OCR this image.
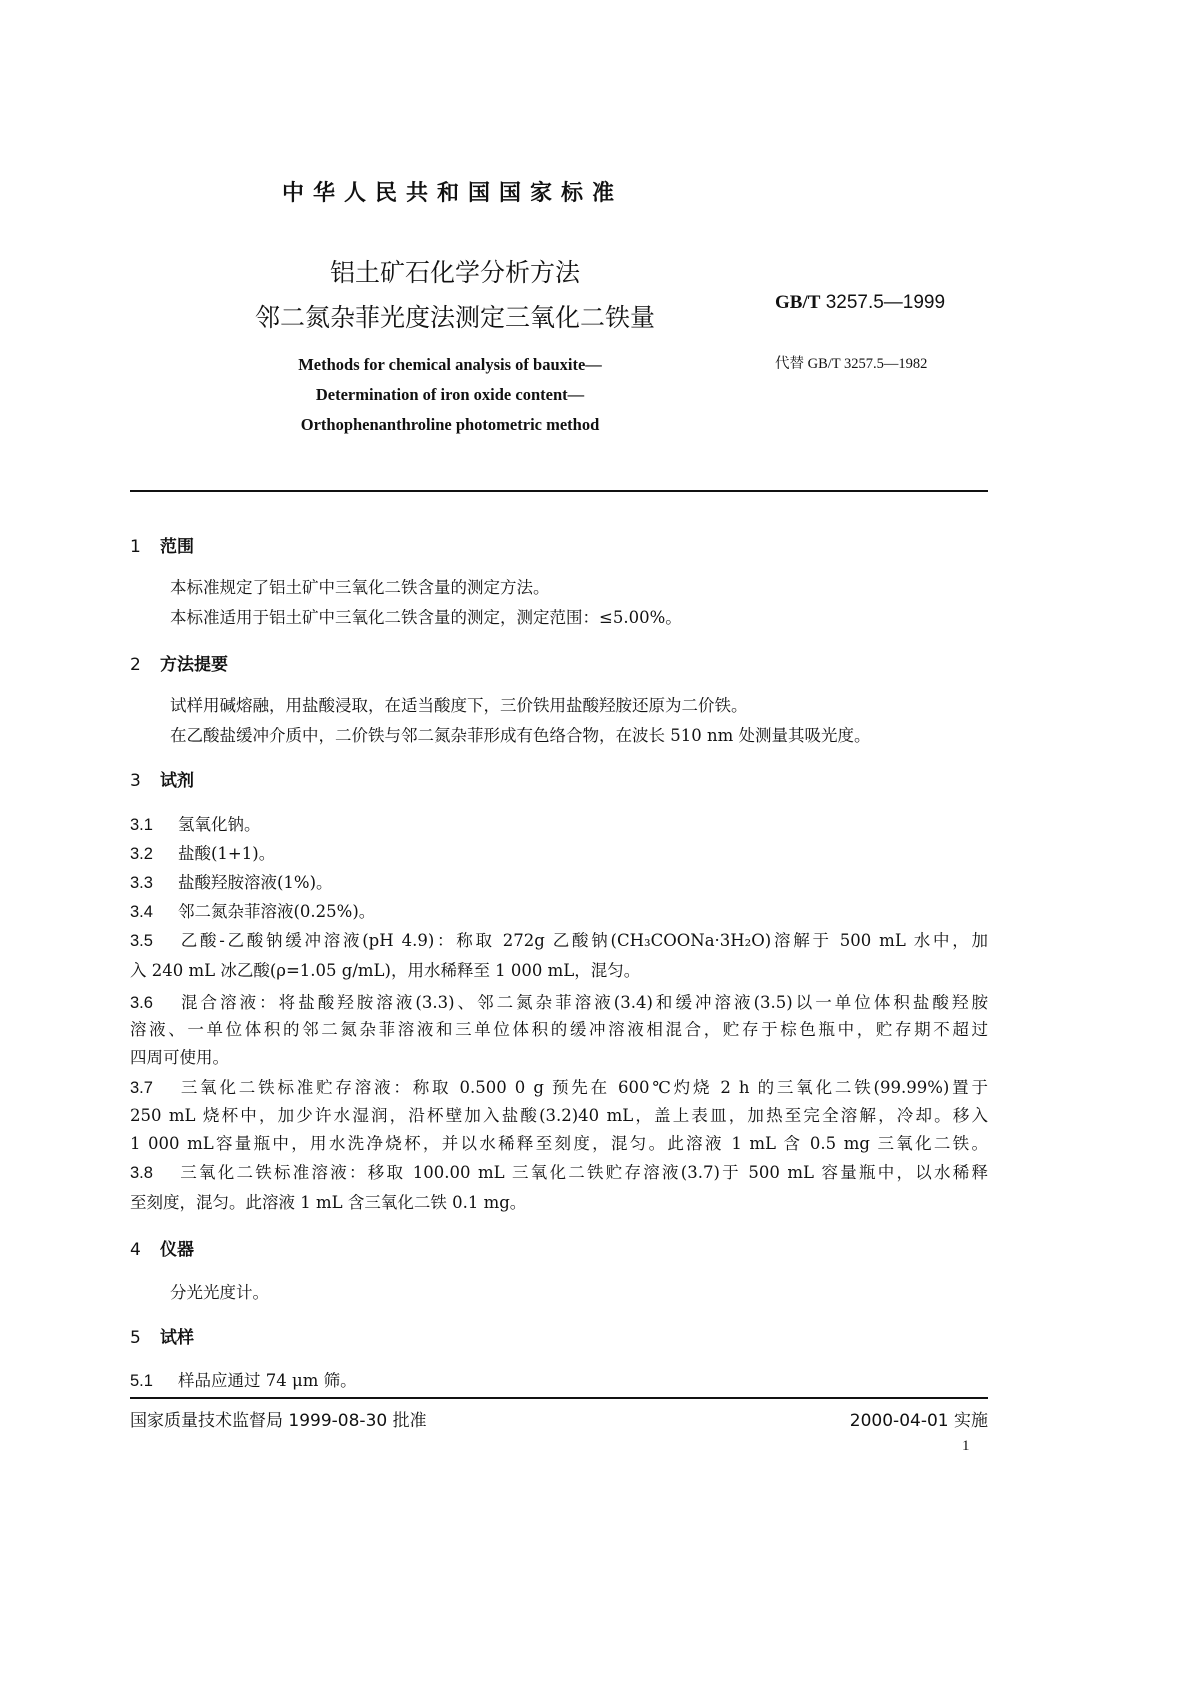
中华人民共和国国家标准
铝土矿石化学分析方法
邻二氮杂菲光度法测定三氧化二铁量
GB/T 3257.5—1999
代替 GB/T 3257.5—1982
Methods for chemical analysis of bauxite—
Determination of iron oxide content—
Orthophenanthroline photometric method
1 范围
本标准规定了铝土矿中三氧化二铁含量的测定方法。
本标准适用于铝土矿中三氧化二铁含量的测定，测定范围：≤5.00%。
2 方法提要
试样用碱熔融，用盐酸浸取，在适当酸度下，三价铁用盐酸羟胺还原为二价铁。
在乙酸盐缓冲介质中，二价铁与邻二氮杂菲形成有色络合物，在波长 510 nm 处测量其吸光度。
3 试剂
3.1 氢氧化钠。
3.2 盐酸(1+1)。
3.3 盐酸羟胺溶液(1%)。
3.4 邻二氮杂菲溶液(0.25%)。
3.5 乙酸-乙酸钠缓冲溶液(pH 4.9)：称取 272g 乙酸钠(CH₃COONa·3H₂O)溶解于 500 mL 水中，加
入 240 mL 冰乙酸(ρ=1.05 g/mL)，用水稀释至 1 000 mL，混匀。
3.6 混合溶液：将盐酸羟胺溶液(3.3)、邻二氮杂菲溶液(3.4)和缓冲溶液(3.5)以一单位体积盐酸羟胺
溶液、一单位体积的邻二氮杂菲溶液和三单位体积的缓冲溶液相混合，贮存于棕色瓶中，贮存期不超过
四周可使用。
3.7 三氧化二铁标准贮存溶液：称取 0.500 0 g 预先在 600℃灼烧 2 h 的三氧化二铁(99.99%)置于
250 mL 烧杯中，加少许水湿润，沿杯壁加入盐酸(3.2)40 mL，盖上表皿，加热至完全溶解，冷却。移入
1 000 mL容量瓶中，用水洗净烧杯，并以水稀释至刻度，混匀。此溶液 1 mL 含 0.5 mg 三氧化二铁。
3.8 三氧化二铁标准溶液：移取 100.00 mL 三氧化二铁贮存溶液(3.7)于 500 mL 容量瓶中，以水稀释
至刻度，混匀。此溶液 1 mL 含三氧化二铁 0.1 mg。
4 仪器
分光光度计。
5 试样
5.1 样品应通过 74 μm 筛。
国家质量技术监督局 1999-08-30 批准	2000-04-01 实施
1
